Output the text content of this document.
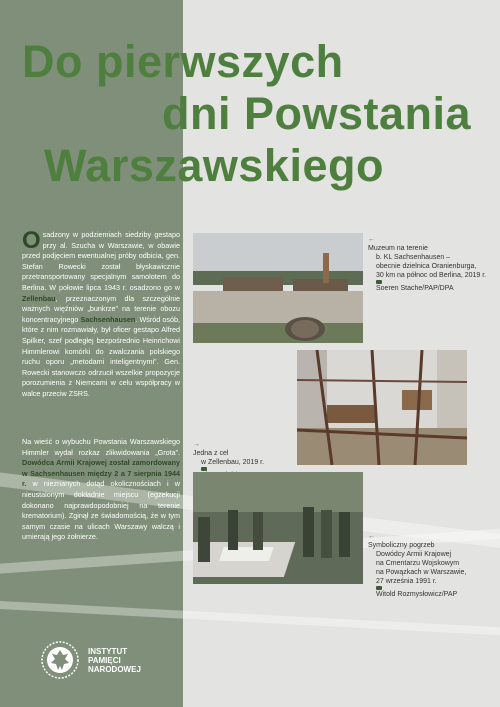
Do pierwszych
dni Powstania
Warszawskiego

Osadzony w podziemiach siedziby gestapo przy al. Szucha w Warszawie, w obawie przed podjęciem ewentualnej próby odbicia, gen. Stefan Rowecki został błyskawicznie przetransportowany specjalnym samolotem do Berlina. W połowie lipca 1943 r. osadzono go w Zellenbau, przeznaczonym dla szczególnie ważnych więźniów „bunkrze” na terenie obozu koncentracyjnego Sachsenhausen. Wśród osób, które z nim rozmawiały, był oficer gestapo Alfred Spilker, szef podległej bezpośrednio Heinrichowi Himmlerowi komórki do zwalczania polskiego ruchu oporu „metodami inteligentnymi”. Gen. Rowecki stanowczo odrzucił wszelkie propozycje porozumienia z Niemcami w celu współpracy w walce przeciw ZSRS.

Na wieść o wybuchu Powstania Warszawskiego Himmler wydał rozkaz zlikwidowania „Grota”. Dowódca Armii Krajowej został zamordowany w Sachsenhausen między 2 a 7 sierpnia 1944 r. w nieznanych dotąd okolicznościach i w nieustalonym dokładnie miejscu (egzekucji dokonano najprawdopodobniej na terenie krematorium). Zginął ze świadomością, że w tym samym czasie na ulicach Warszawy walczą i umierają jego żołnierze.

←
Muzeum na terenie
b. KL Sachsenhausen –
obecnie dzielnica Oranienburga,
30 km na północ od Berlina, 2019 r.
Soeren Stache/PAP/DPA
→
Jedna z cel
w Zellenbau, 2019 r.
←
Symboliczny pogrzeb
Dowódcy Armii Krajowej
na Cmentarzu Wojskowym
na Powązkach w Warszawie,
27 września 1991 r.
Witold Rozmysłowicz/PAP
INSTYTUT
PAMIĘCI
NARODOWEJ
